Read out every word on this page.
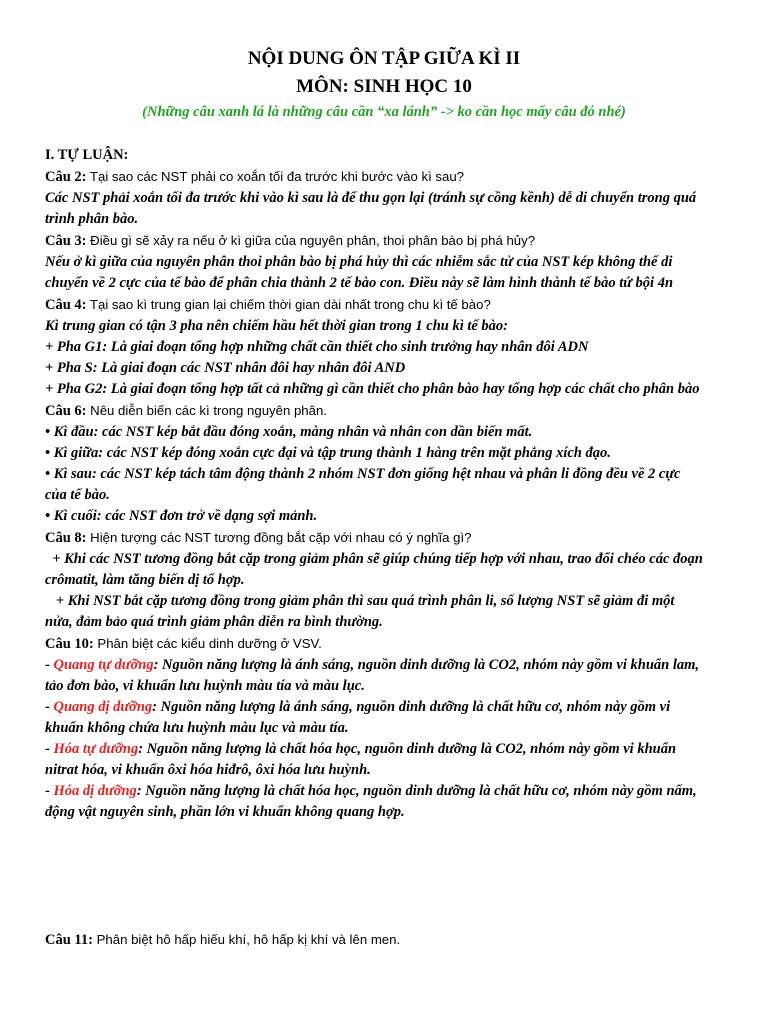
NỘI DUNG ÔN TẬP GIỮA KÌ II
MÔN: SINH HỌC 10
(Những câu xanh lá là những câu cần “xa lánh” -> ko cần học mấy câu đó nhé)

I. TỰ LUẬN:

Câu 2: Tại sao các NST phải co xoắn tối đa trước khi bước vào kì sau?

Các NST phải xoắn tối đa trước khi vào kì sau là để thu gọn lại (tránh sự cồng kềnh) dễ di chuyển trong quá trình phân bào.

Câu 3: Điều gì sẽ xảy ra nếu ở kì giữa của nguyên phân, thoi phân bào bị phá hủy?

Nếu ở kì giữa của nguyên phân thoi phân bào bị phá hủy thì các nhiễm sắc tử của NST kép không thể di chuyển về 2 cực của tế bào để phân chia thành 2 tế bào con. Điều này sẽ làm hình thành tế bào tứ bội 4n

Câu 4: Tại sao kì trung gian lại chiếm thời gian dài nhất trong chu kì tế bào?

Kì trung gian có tận 3 pha nên chiếm hầu hết thời gian trong 1 chu kì tế bào:

+ Pha G1: Là giai đoạn tổng hợp những chất cần thiết cho sinh trưởng hay nhân đôi ADN

+ Pha S: Là giai đoạn các NST nhân đôi hay nhân đôi AND

+ Pha G2: Là giai đoạn tổng hợp tất cả những gì cần thiết cho phân bào hay tổng hợp các chất cho phân bào

Câu 6: Nêu diễn biến các kì trong nguyên phân.

• Kì đầu: các NST kép bắt đầu đóng xoắn, màng nhân và nhân con dần biến mất.

• Kì giữa: các NST kép đóng xoắn cực đại và tập trung thành 1 hàng trên mặt phẳng xích đạo.

• Kì sau: các NST kép tách tâm động thành 2 nhóm NST đơn giống hệt nhau và phân li đồng đều về 2 cực của tế bào.

• Kì cuối: các NST đơn trở về dạng sợi mảnh.

Câu 8: Hiện tượng các NST tương đồng bắt cặp với nhau có ý nghĩa gì?

+ Khi các NST tương đồng bắt cặp trong giảm phân sẽ giúp chúng tiếp hợp với nhau, trao đổi chéo các đoạn crômatit, làm tăng biến dị tổ hợp.

+ Khi NST bắt cặp tương đồng trong giảm phân thì sau quá trình phân li, số lượng NST sẽ giảm đi một nửa, đảm bảo quá trình giảm phân diễn ra bình thường.

Câu 10: Phân biệt các kiểu dinh dưỡng ở VSV.

- Quang tự dưỡng: Nguồn năng lượng là ánh sáng, nguồn dinh dưỡng là CO2, nhóm này gồm vi khuẩn lam, tảo đơn bào, vi khuẩn lưu huỳnh màu tía và màu lục.

- Quang dị dưỡng: Nguồn năng lượng là ánh sáng, nguồn dinh dưỡng là chất hữu cơ, nhóm này gồm vi khuẩn không chứa lưu huỳnh màu lục và màu tía.

- Hóa tự dưỡng: Nguồn năng lượng là chất hóa học, nguồn dinh dưỡng là CO2, nhóm này gồm vi khuẩn nitrat hóa, vi khuẩn ôxi hóa hiđrô, ôxi hóa lưu huỳnh.

- Hóa dị dưỡng: Nguồn năng lượng là chất hóa học, nguồn dinh dưỡng là chất hữu cơ, nhóm này gồm nấm, động vật nguyên sinh, phần lớn vi khuẩn không quang hợp.

Câu 11: Phân biệt hô hấp hiếu khí, hô hấp kị khí và lên men.
